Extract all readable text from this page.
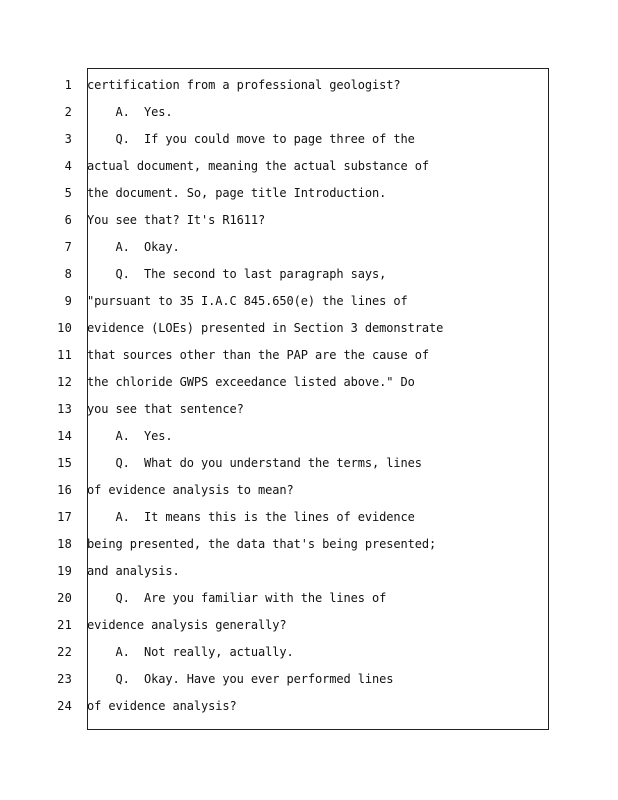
1
2
3
4
5
6
7
8
9
10
11
12
13
14
15
16
17
18
19
20
21
22
23
24
certification from a professional geologist?
A.  Yes.
Q.  If you could move to page three of the
actual document, meaning the actual substance of
the document. So, page title Introduction.
You see that? It's R1611?
A.  Okay.
Q.  The second to last paragraph says,
"pursuant to 35 I.A.C 845.650(e) the lines of
evidence (LOEs) presented in Section 3 demonstrate
that sources other than the PAP are the cause of
the chloride GWPS exceedance listed above." Do
you see that sentence?
A.  Yes.
Q.  What do you understand the terms, lines
of evidence analysis to mean?
A.  It means this is the lines of evidence
being presented, the data that's being presented;
and analysis.
Q.  Are you familiar with the lines of
evidence analysis generally?
A.  Not really, actually.
Q.  Okay. Have you ever performed lines
of evidence analysis?
